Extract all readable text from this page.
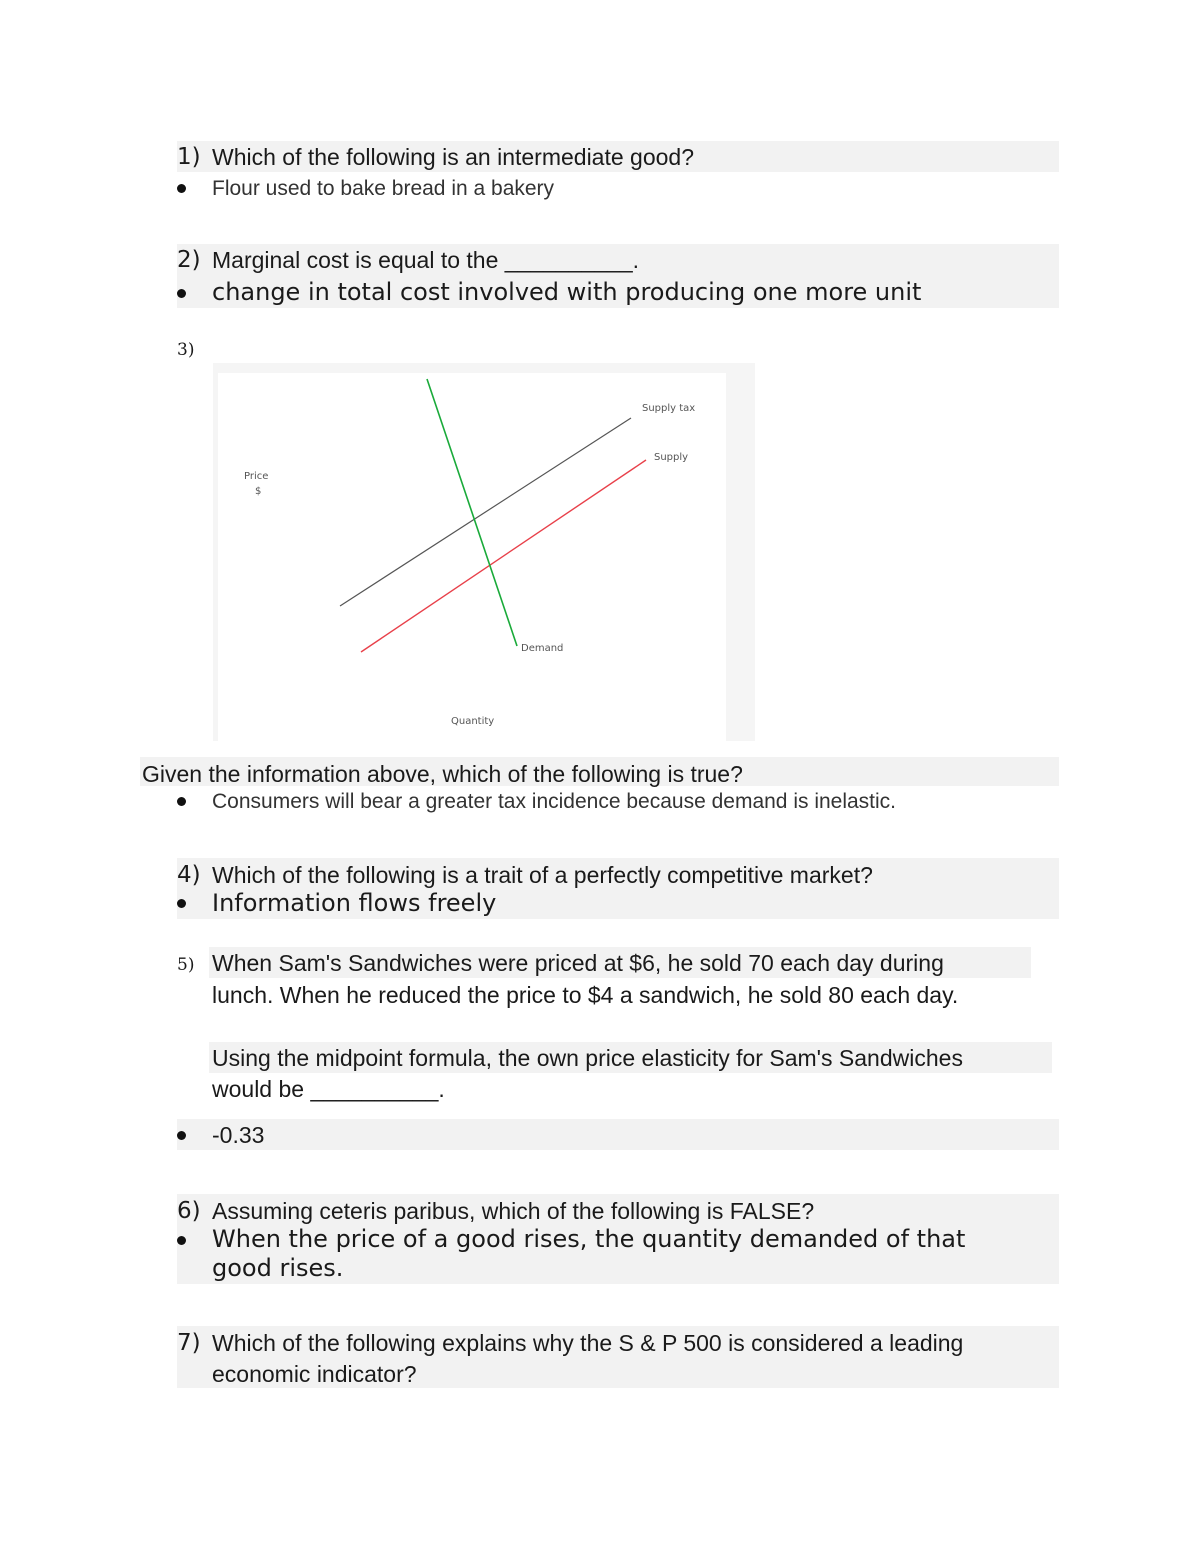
1) Which of the following is an intermediate good?
Flour used to bake bread in a bakery
2) Marginal cost is equal to the __________.
change in total cost involved with producing one more unit
3)
Price
$
Supply tax
Supply
Demand
Quantity
Given the information above, which of the following is true?
Consumers will bear a greater tax incidence because demand is inelastic.
4) Which of the following is a trait of a perfectly competitive market?
Information flows freely
5) When Sam's Sandwiches were priced at $6, he sold 70 each day during
lunch. When he reduced the price to $4 a sandwich, he sold 80 each day.
Using the midpoint formula, the own price elasticity for Sam's Sandwiches
would be __________.
-0.33
6) Assuming ceteris paribus, which of the following is FALSE?
When the price of a good rises, the quantity demanded of that
good rises.
7) Which of the following explains why the S & P 500 is considered a leading
economic indicator?
